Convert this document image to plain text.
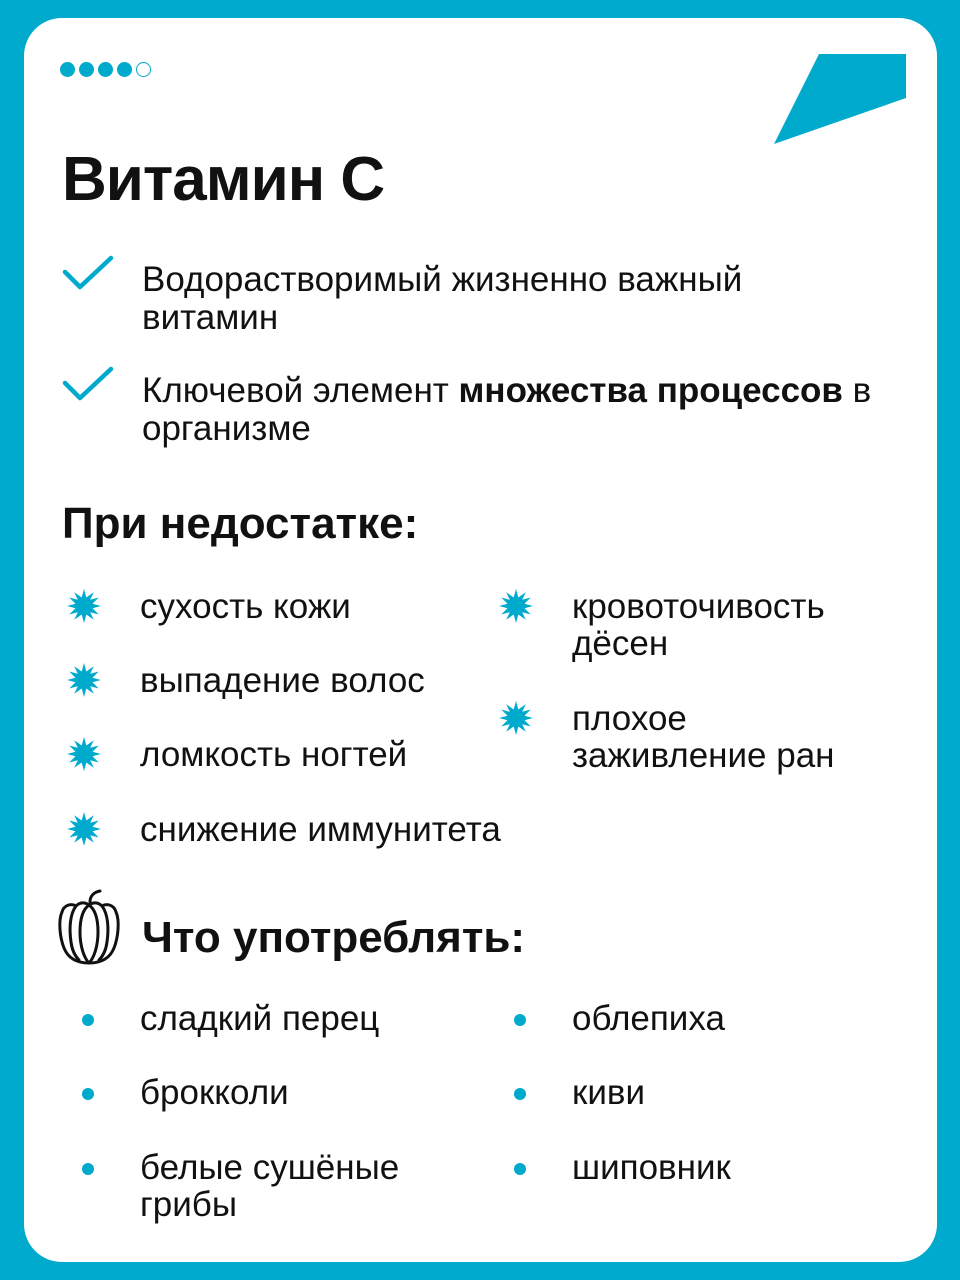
Витамин С
Водорастворимый жизненно важный витамин
Ключевой элемент множества процессов в организме
При недостатке:
сухость кожи
выпадение волос
ломкость ногтей
снижение иммунитета
кровоточивость дёсен
плохое заживление ран
Что употреблять:
сладкий перец
брокколи
белые сушёные грибы
облепиха
киви
шиповник
